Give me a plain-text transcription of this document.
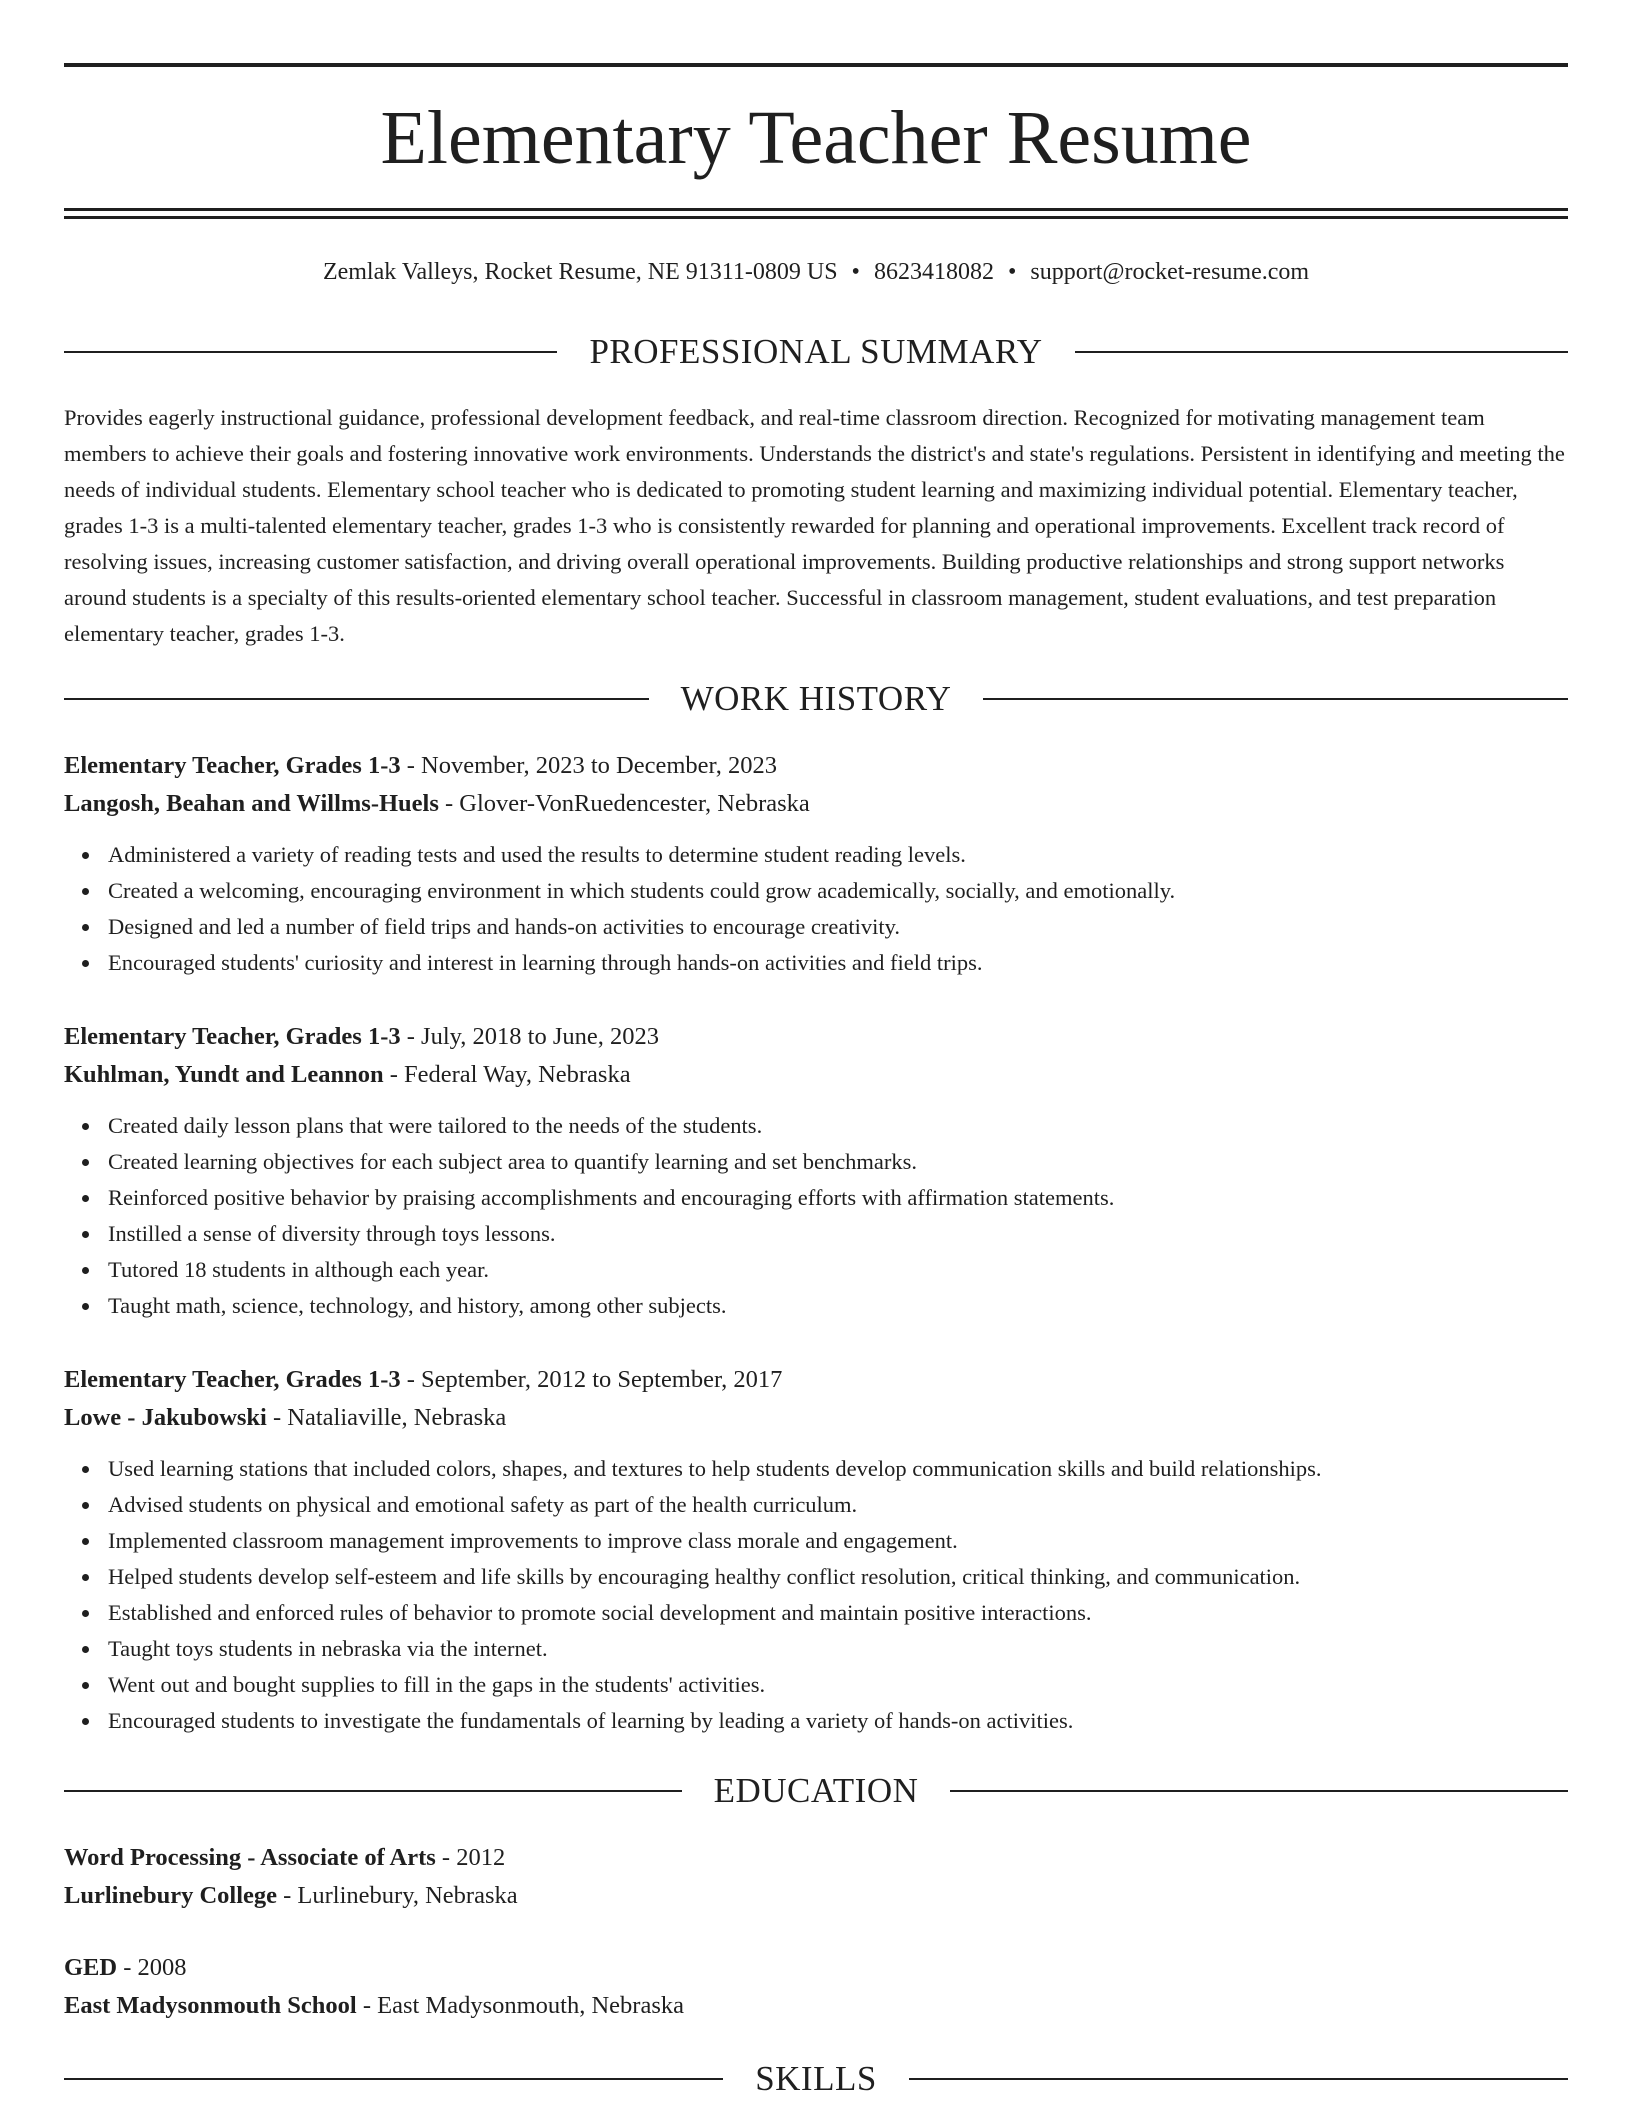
Elementary Teacher Resume
Zemlak Valleys, Rocket Resume, NE 91311-0809 US • 8623418082 • support@rocket-resume.com
PROFESSIONAL SUMMARY

Provides eagerly instructional guidance, professional development feedback, and real-time classroom direction. Recognized for motivating management team members to achieve their goals and fostering innovative work environments. Understands the district's and state's regulations. Persistent in identifying and meeting the needs of individual students. Elementary school teacher who is dedicated to promoting student learning and maximizing individual potential. Elementary teacher, grades 1-3 is a multi-talented elementary teacher, grades 1-3 who is consistently rewarded for planning and operational improvements. Excellent track record of resolving issues, increasing customer satisfaction, and driving overall operational improvements. Building productive relationships and strong support networks around students is a specialty of this results-oriented elementary school teacher. Successful in classroom management, student evaluations, and test preparation elementary teacher, grades 1-3.

WORK HISTORY
Elementary Teacher, Grades 1-3 - November, 2023 to December, 2023
Langosh, Beahan and Willms-Huels - Glover-VonRuedencester, Nebraska
Administered a variety of reading tests and used the results to determine student reading levels.
Created a welcoming, encouraging environment in which students could grow academically, socially, and emotionally.
Designed and led a number of field trips and hands-on activities to encourage creativity.
Encouraged students' curiosity and interest in learning through hands-on activities and field trips.
Elementary Teacher, Grades 1-3 - July, 2018 to June, 2023
Kuhlman, Yundt and Leannon - Federal Way, Nebraska
Created daily lesson plans that were tailored to the needs of the students.
Created learning objectives for each subject area to quantify learning and set benchmarks.
Reinforced positive behavior by praising accomplishments and encouraging efforts with affirmation statements.
Instilled a sense of diversity through toys lessons.
Tutored 18 students in although each year.
Taught math, science, technology, and history, among other subjects.
Elementary Teacher, Grades 1-3 - September, 2012 to September, 2017
Lowe - Jakubowski - Nataliaville, Nebraska
Used learning stations that included colors, shapes, and textures to help students develop communication skills and build relationships.
Advised students on physical and emotional safety as part of the health curriculum.
Implemented classroom management improvements to improve class morale and engagement.
Helped students develop self-esteem and life skills by encouraging healthy conflict resolution, critical thinking, and communication.
Established and enforced rules of behavior to promote social development and maintain positive interactions.
Taught toys students in nebraska via the internet.
Went out and bought supplies to fill in the gaps in the students' activities.
Encouraged students to investigate the fundamentals of learning by leading a variety of hands-on activities.
EDUCATION
Word Processing - Associate of Arts - 2012
Lurlinebury College - Lurlinebury, Nebraska
GED - 2008
East Madysonmouth School - East Madysonmouth, Nebraska
SKILLS
